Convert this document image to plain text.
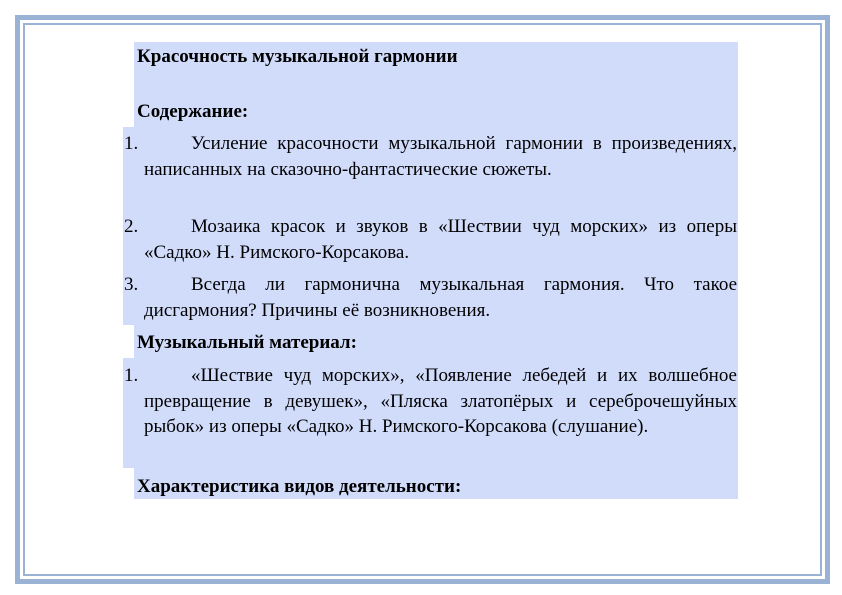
Красочность музыкальной гармонии
Содержание:
1.	Усиление красочности музыкальной гармонии в произведениях, написанных на сказочно-фантастические сюжеты.
2.	Мозаика красок и звуков в «Шествии чуд морских» из оперы «Садко» Н. Римского-Корсакова.
3.	Всегда ли гармонична музыкальная гармония. Что такое дисгармония? Причины её возникновения.
Музыкальный материал:
1.	«Шествие чуд морских», «Появление лебедей и их волшебное превращение в девушек», «Пляска златопёрых и сереброчешуйных рыбок» из оперы «Садко» Н. Римского-Корсакова (слушание).
Характеристика видов деятельности:
